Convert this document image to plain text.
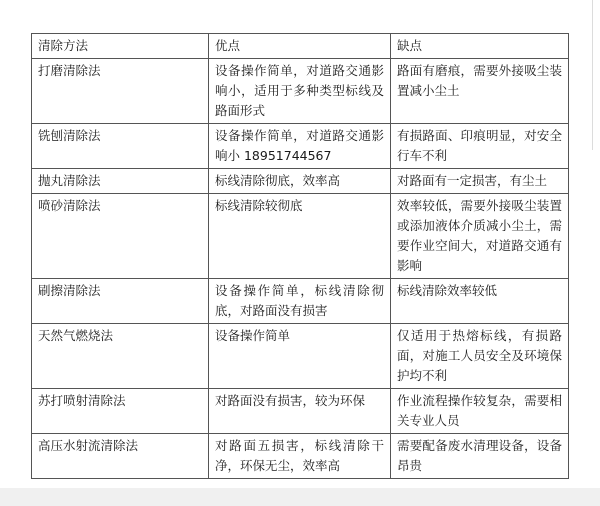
清除方法	优点	缺点
打磨清除法	设备操作简单，对道路交通影响小，适用于多种类型标线及路面形式	路面有磨痕，需要外接吸尘装置减小尘土
铣刨清除法	设备操作简单，对道路交通影响小 18951744567	有损路面、印痕明显，对安全行车不利
抛丸清除法	标线清除彻底，效率高	对路面有一定损害，有尘土
喷砂清除法	标线清除较彻底	效率较低，需要外接吸尘装置或添加液体介质减小尘土，需要作业空间大，对道路交通有影响
刷擦清除法	设备操作简单，标线清除彻底，对路面没有损害	标线清除效率较低
天然气燃烧法	设备操作简单	仅适用于热熔标线，有损路面，对施工人员安全及环境保护均不利
苏打喷射清除法	对路面没有损害，较为环保	作业流程操作较复杂，需要相关专业人员
高压水射流清除法	对路面五损害，标线清除干净，环保无尘，效率高	需要配备废水清理设备，设备昂贵
